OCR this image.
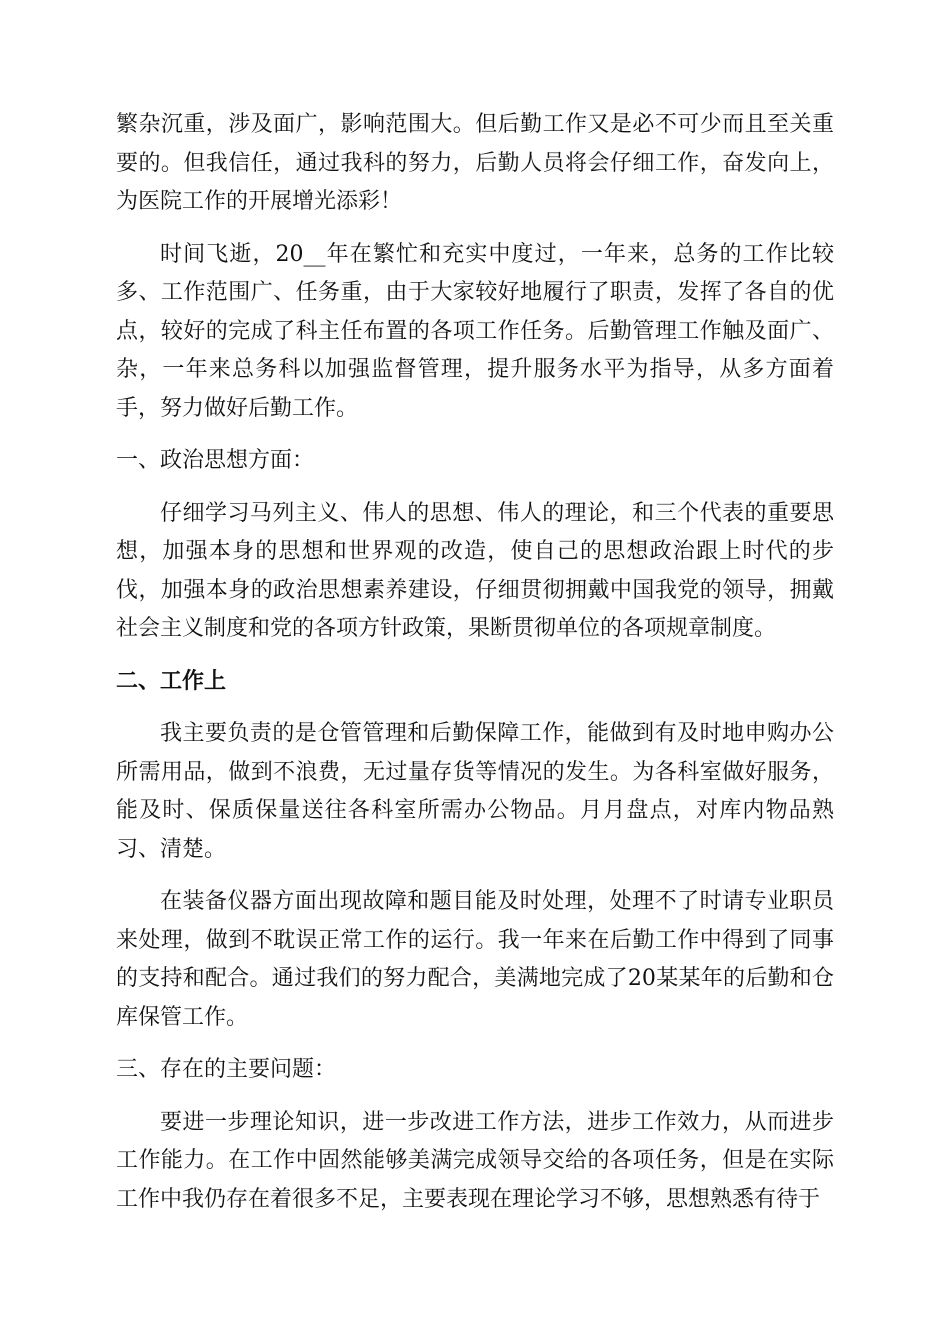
繁杂沉重，涉及面广，影响范围大。但后勤工作又是必不可少而且至关重要的。但我信任，通过我科的努力，后勤人员将会仔细工作，奋发向上，为医院工作的开展增光添彩！

时间飞逝，20__年在繁忙和充实中度过，一年来，总务的工作比较多、工作范围广、任务重，由于大家较好地履行了职责，发挥了各自的优点，较好的完成了科主任布置的各项工作任务。后勤管理工作触及面广、杂，一年来总务科以加强监督管理，提升服务水平为指导，从多方面着手，努力做好后勤工作。

一、政治思想方面：

仔细学习马列主义、伟人的思想、伟人的理论，和三个代表的重要思想，加强本身的思想和世界观的改造，使自己的思想政治跟上时代的步伐，加强本身的政治思想素养建设，仔细贯彻拥戴中国我党的领导，拥戴社会主义制度和党的各项方针政策，果断贯彻单位的各项规章制度。

二、工作上

我主要负责的是仓管管理和后勤保障工作，能做到有及时地申购办公所需用品，做到不浪费，无过量存货等情况的发生。为各科室做好服务，能及时、保质保量送往各科室所需办公物品。月月盘点，对库内物品熟习、清楚。

在装备仪器方面出现故障和题目能及时处理，处理不了时请专业职员来处理，做到不耽误正常工作的运行。我一年来在后勤工作中得到了同事的支持和配合。通过我们的努力配合，美满地完成了20某某年的后勤和仓库保管工作。

三、存在的主要问题：

要进一步理论知识，进一步改进工作方法，进步工作效力，从而进步工作能力。在工作中固然能够美满完成领导交给的各项任务，但是在实际工作中我仍存在着很多不足，主要表现在理论学习不够，思想熟悉有待于
